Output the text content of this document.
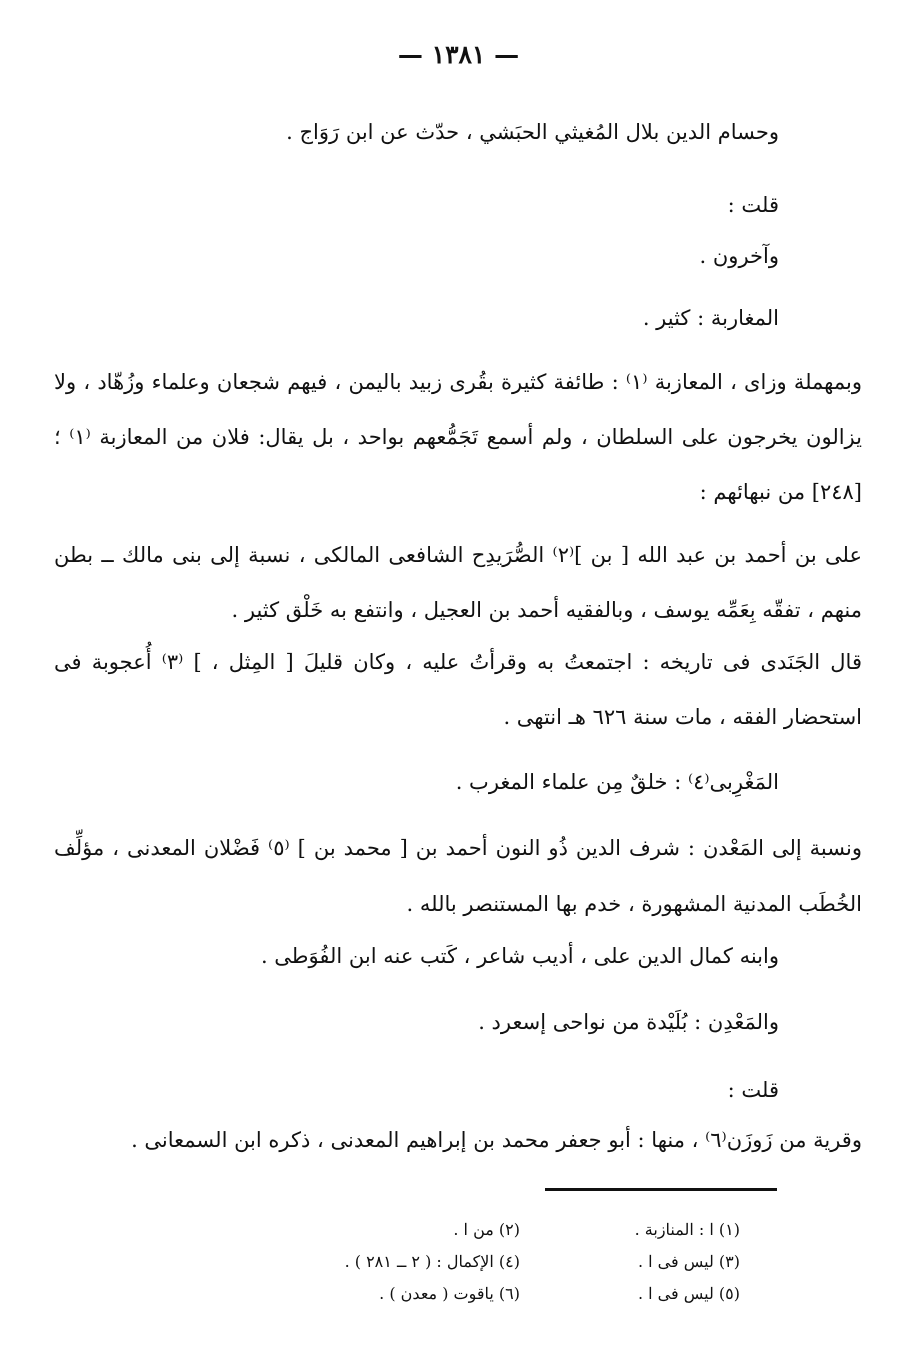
— ١٣٨١ —
وحسام الدين بلال المُغيثي الحبَشي ، حدّث عن ابن رَوَاج .
قلت :
وآخرون .
المغاربة : كثير .
وبمهملة وزاى ، المعازبة ⁽١⁾ : طائفة كثيرة بقُرى زبيد باليمن ، فيهم شجعان وعلماء وزُهّاد ، ولا يزالون يخرجون على السلطان ، ولم أسمع تَجَمُّعهم بواحد ، بل يقال: فلان من المعازبة ⁽١⁾ ؛ [٢٤٨] من نبهائهم :
على بن أحمد بن عبد الله [ بن ]⁽٢⁾ الصُّرَيدِح الشافعى المالكى ، نسبة إلى بنى مالك ــ بطن منهم ، تفقّه بِعَمِّه يوسف ، وبالفقيه أحمد بن العجيل ، وانتفع به خَلْق كثير .
قال الجَنَدى فى تاريخه : اجتمعتُ به وقرأتُ عليه ، وكان قليلَ [ المِثل ، ] ⁽٣⁾ أُعجوبة فى استحضار الفقه ، مات سنة ٦٢٦ هـ انتهى .
المَغْرِبى⁽٤⁾ : خلقٌ مِن علماء المغرب .
ونسبة إلى المَعْدن : شرف الدين ذُو النون أحمد بن [ محمد بن ] ⁽٥⁾ فَضْلان المعدنى ، مؤلِّف الخُطَب المدنية المشهورة ، خدم بها المستنصر بالله .
وابنه كمال الدين على ، أديب شاعر ، كَتب عنه ابن الفُوَطى .
والمَعْدِن : بُلَيْدة من نواحى إسعرد .
قلت :
وقرية من زَوزَن⁽٦⁾ ، منها : أبو جعفر محمد بن إبراهيم المعدنى ، ذكره ابن السمعانى .
(١) ا : المنازبة .
(٢) من ا .
(٣) ليس فى ا .
(٤) الإكمال : ( ٢ ــ ٢٨١ ) .
(٥) ليس فى ا .
(٦) ياقوت ( معدن ) .
